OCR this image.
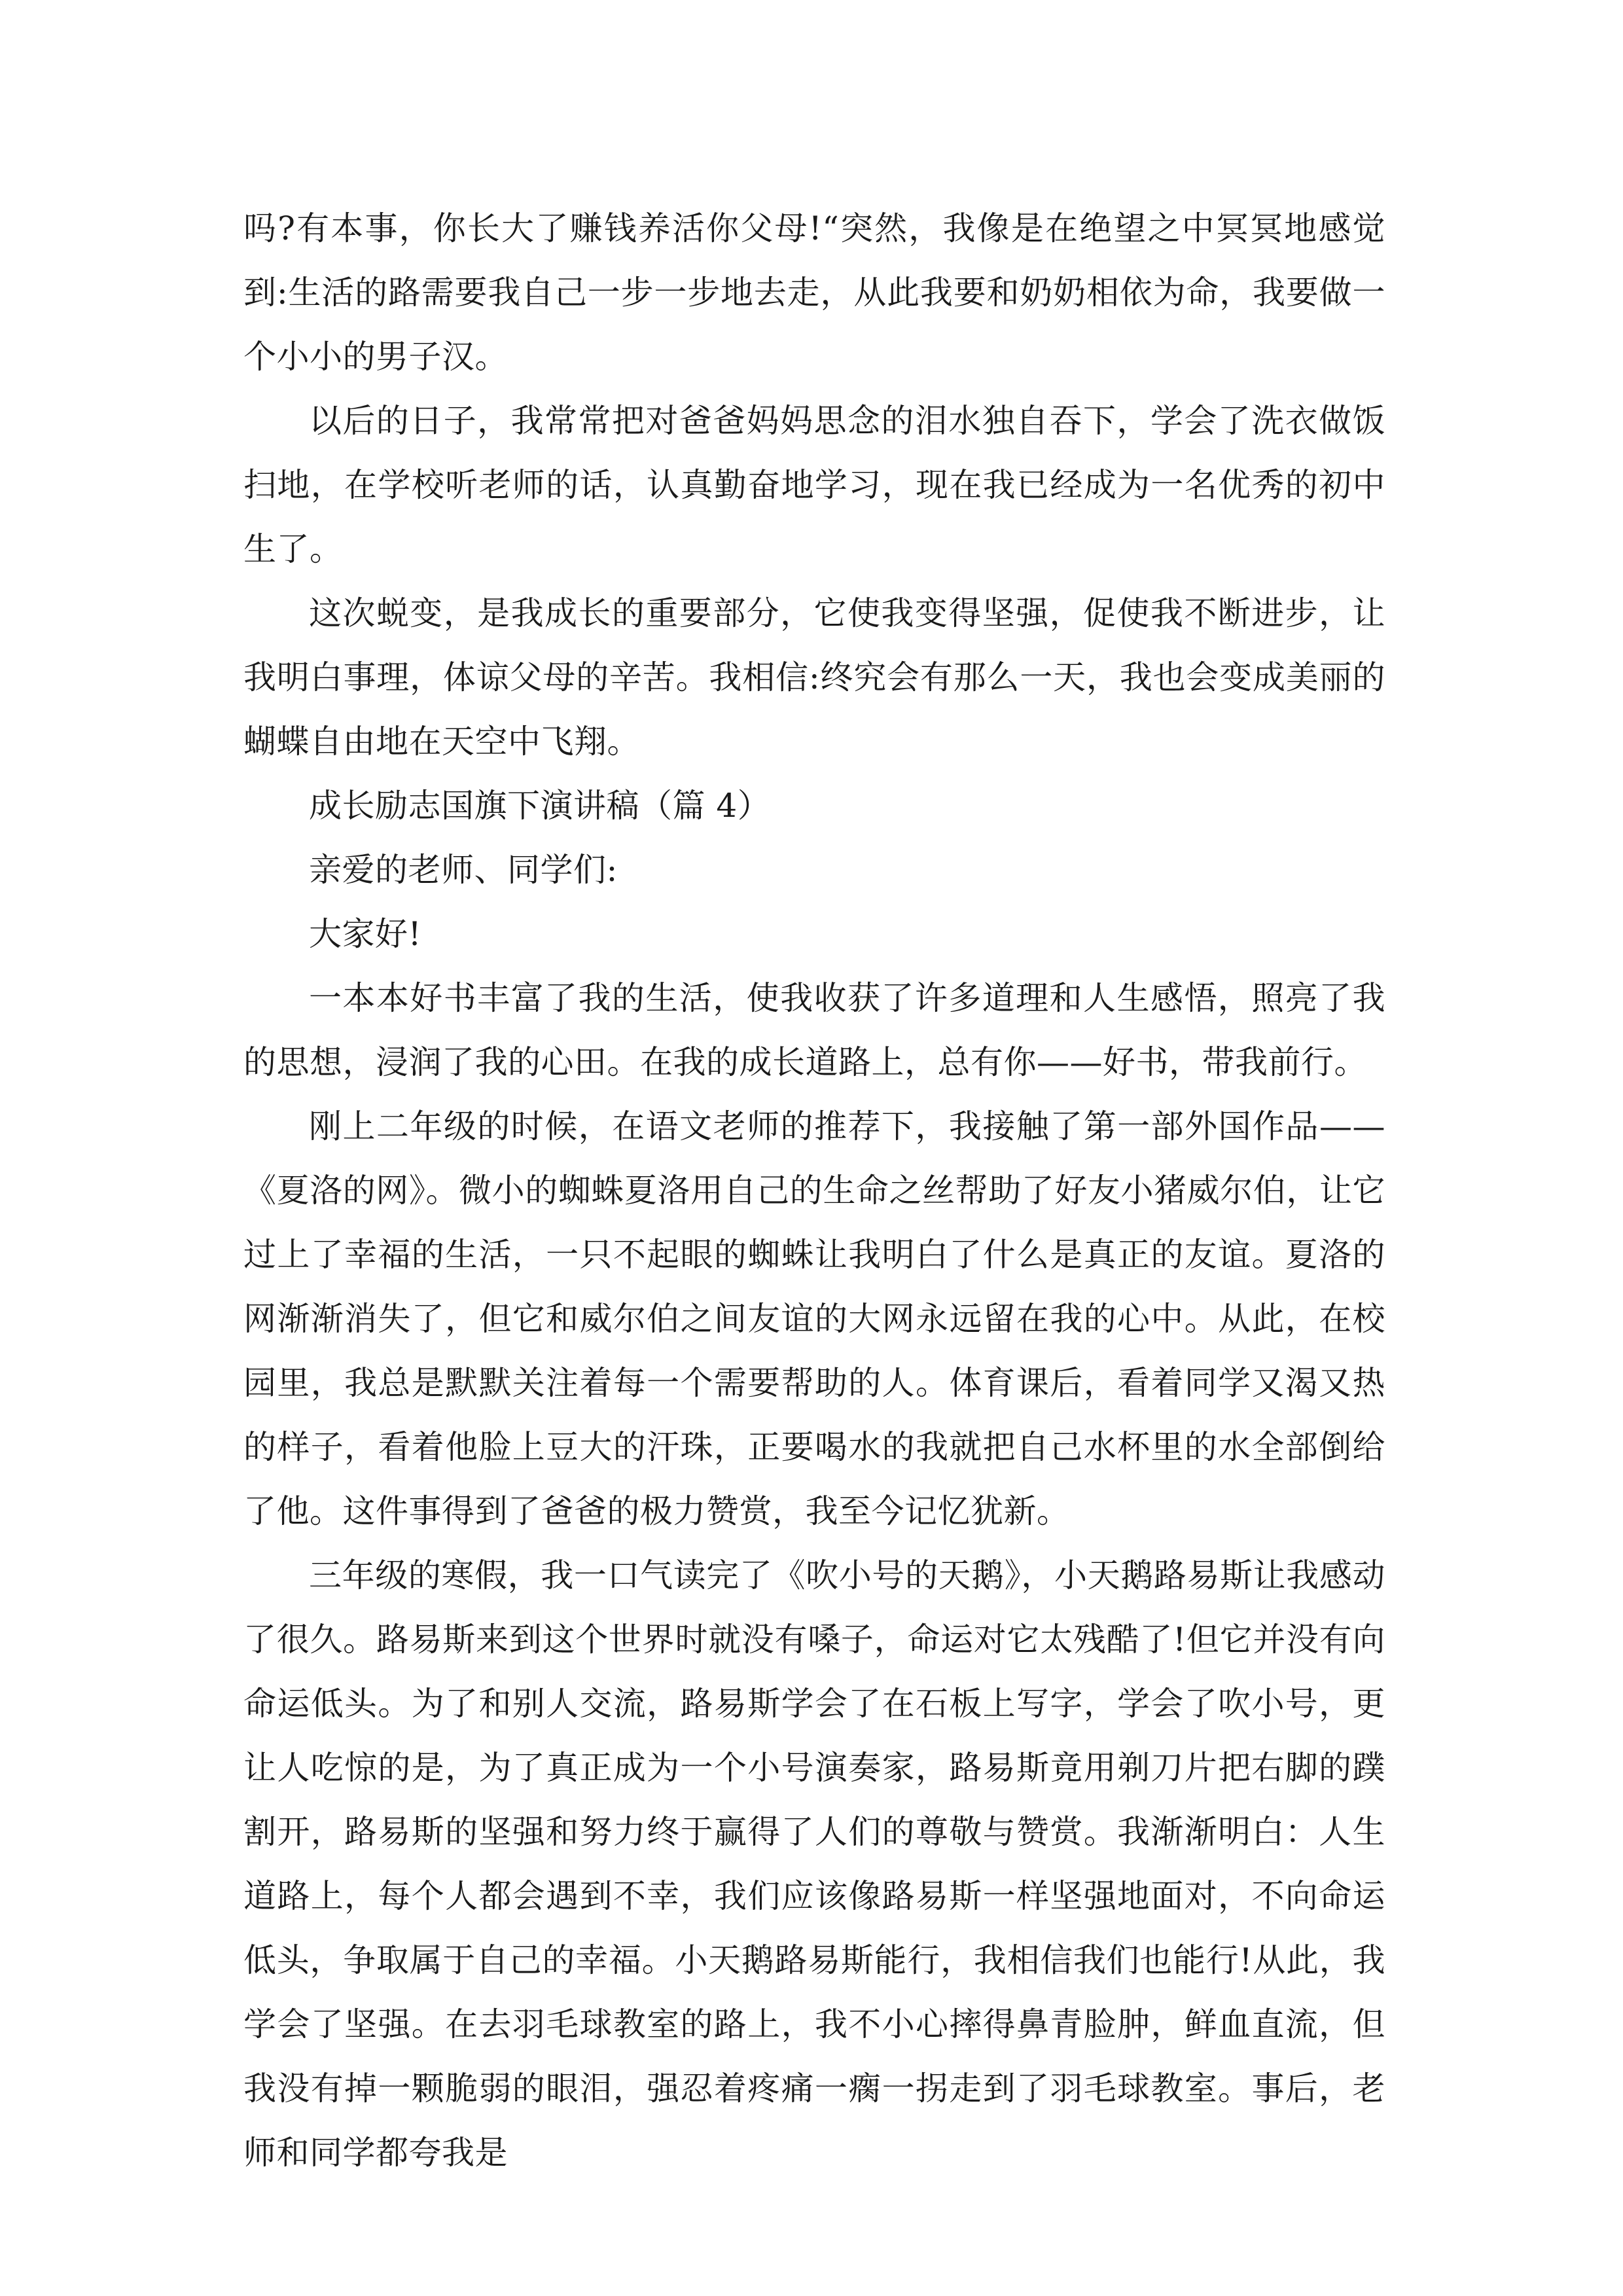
吗?有本事，你长大了赚钱养活你父母!“突然，我像是在绝望之中冥冥地感觉到:生活的路需要我自己一步一步地去走，从此我要和奶奶相依为命，我要做一个小小的男子汉。

以后的日子，我常常把对爸爸妈妈思念的泪水独自吞下，学会了洗衣做饭扫地，在学校听老师的话，认真勤奋地学习，现在我已经成为一名优秀的初中生了。

这次蜕变，是我成长的重要部分，它使我变得坚强，促使我不断进步，让我明白事理，体谅父母的辛苦。我相信:终究会有那么一天，我也会变成美丽的蝴蝶自由地在天空中飞翔。

成长励志国旗下演讲稿（篇 4）

亲爱的老师、同学们:

大家好!

一本本好书丰富了我的生活，使我收获了许多道理和人生感悟，照亮了我的思想，浸润了我的心田。在我的成长道路上，总有你——好书，带我前行。

刚上二年级的时候，在语文老师的推荐下，我接触了第一部外国作品——《夏洛的网》。微小的蜘蛛夏洛用自己的生命之丝帮助了好友小猪威尔伯，让它过上了幸福的生活，一只不起眼的蜘蛛让我明白了什么是真正的友谊。夏洛的网渐渐消失了，但它和威尔伯之间友谊的大网永远留在我的心中。从此，在校园里，我总是默默关注着每一个需要帮助的人。体育课后，看着同学又渴又热的样子，看着他脸上豆大的汗珠，正要喝水的我就把自己水杯里的水全部倒给了他。这件事得到了爸爸的极力赞赏，我至今记忆犹新。

三年级的寒假，我一口气读完了《吹小号的天鹅》，小天鹅路易斯让我感动了很久。路易斯来到这个世界时就没有嗓子，命运对它太残酷了!但它并没有向命运低头。为了和别人交流，路易斯学会了在石板上写字，学会了吹小号，更让人吃惊的是，为了真正成为一个小号演奏家，路易斯竟用剃刀片把右脚的蹼割开，路易斯的坚强和努力终于赢得了人们的尊敬与赞赏。我渐渐明白：人生道路上，每个人都会遇到不幸，我们应该像路易斯一样坚强地面对，不向命运低头，争取属于自己的幸福。小天鹅路易斯能行，我相信我们也能行!从此，我学会了坚强。在去羽毛球教室的路上，我不小心摔得鼻青脸肿，鲜血直流，但我没有掉一颗脆弱的眼泪，强忍着疼痛一瘸一拐走到了羽毛球教室。事后，老师和同学都夸我是
